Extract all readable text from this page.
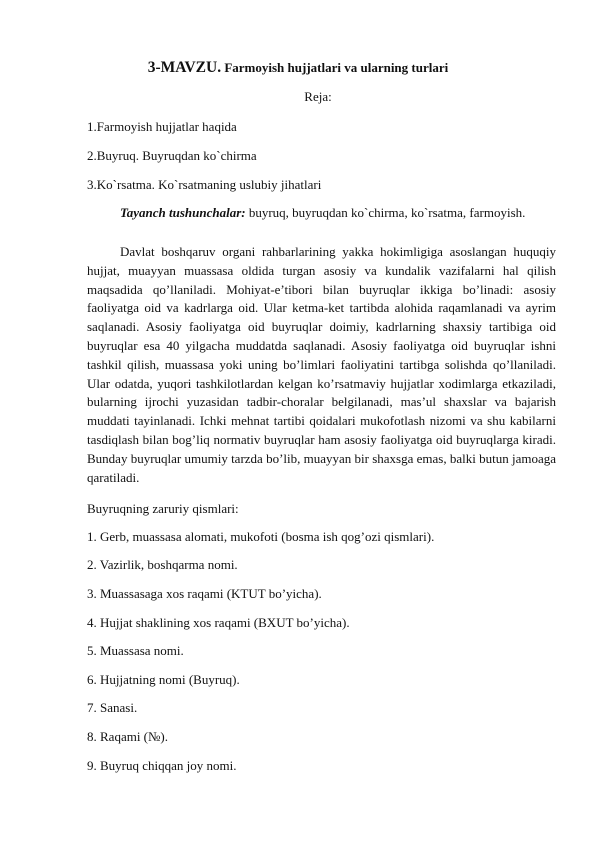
3-MAVZU. Farmoyish hujjatlari va ularning turlari

Reja:

1.Farmoyish hujjatlar haqida

2.Buyruq. Buyruqdan ko`chirma

3.Ko`rsatma. Ko`rsatmaning uslubiy jihatlari

Tayanch tushunchalar: buyruq, buyruqdan ko`chirma, ko`rsatma, farmoyish.

Davlat boshqaruv organi rahbarlarining yakka hokimligiga asoslangan huquqiy hujjat, muayyan muassasa oldida turgan asosiy va kundalik vazifalarni hal qilish maqsadida qo’llaniladi. Mohiyat-e’tibori bilan buyruqlar ikkiga bo’linadi: asosiy faoliyatga oid va kadrlarga oid. Ular ketma-ket tartibda alohida raqamlanadi va ayrim saqlanadi. Asosiy faoliyatga oid buyruqlar doimiy, kadrlarning shaxsiy tartibiga oid buyruqlar esa 40 yilgacha muddatda saqlanadi. Asosiy faoliyatga oid buyruqlar ishni tashkil qilish, muassasa yoki uning bo’limlari faoliyatini tartibga solishda qo’llaniladi. Ular odatda, yuqori tashkilotlardan kelgan ko’rsatmaviy hujjatlar xodimlarga etkaziladi, bularning ijrochi yuzasidan tadbir-choralar belgilanadi, mas’ul shaxslar va bajarish muddati tayinlanadi. Ichki mehnat tartibi qoidalari mukofotlash nizomi va shu kabilarni tasdiqlash bilan bog’liq normativ buyruqlar ham asosiy faoliyatga oid buyruqlarga kiradi. Bunday buyruqlar umumiy tarzda bo’lib, muayyan bir shaxsga emas, balki butun jamoaga qaratiladi.

Buyruqning zaruriy qismlari:

1. Gerb, muassasa alomati, mukofoti (bosma ish qog’ozi qismlari).

2. Vazirlik, boshqarma nomi.

3. Muassasaga xos raqami (KTUT bo’yicha).

4. Hujjat shaklining xos raqami (BXUT bo’yicha).

5. Muassasa nomi.

6. Hujjatning nomi (Buyruq).

7. Sanasi.

8. Raqami (№).

9. Buyruq chiqqan joy nomi.
